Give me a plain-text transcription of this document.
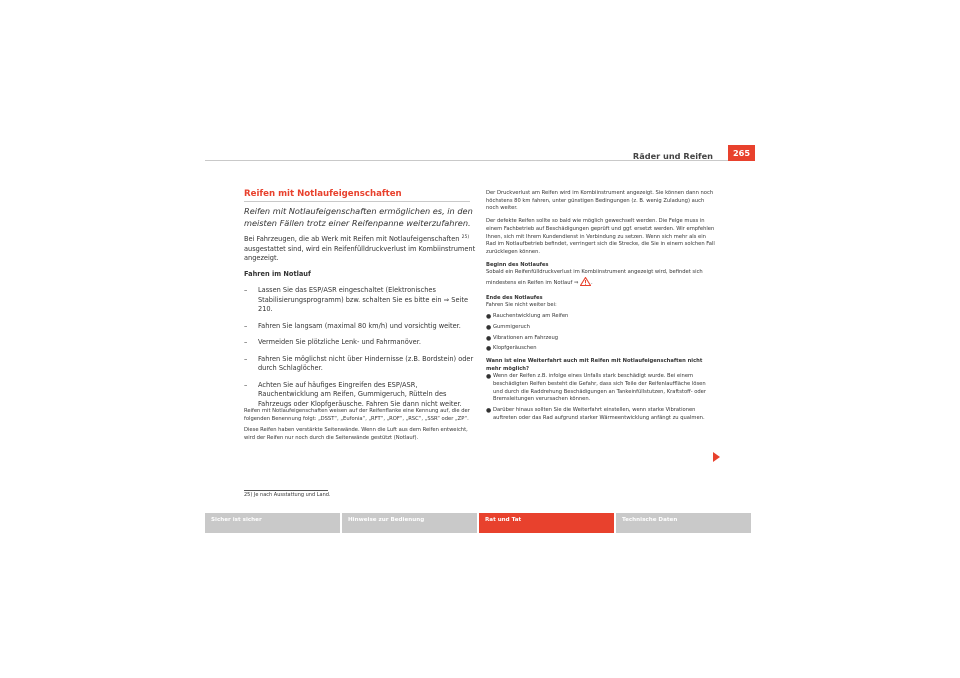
Räder und Reifen	265
Reifen mit Notlaufeigenschaften
Reifen mit Notlaufeigenschaften ermöglichen es, in den meisten Fällen trotz einer Reifenpanne weiterzufahren.
Bei Fahrzeugen, die ab Werk mit Reifen mit Notlaufeigenschaften $^{25)}$ ausgestattet sind, wird ein Reifenfülldruckverlust im Kombiinstrument angezeigt.
Fahren im Notlauf
– Lassen Sie das ESP/ASR eingeschaltet (Elektronisches Stabilisierungsprogramm) bzw. schalten Sie es bitte ein ⇒ Seite 210.
– Fahren Sie langsam (maximal 80 km/h) und vorsichtig weiter.
– Vermeiden Sie plötzliche Lenk- und Fahrmanöver.
– Fahren Sie möglichst nicht über Hindernisse (z.B. Bordstein) oder durch Schlaglöcher.
– Achten Sie auf häufiges Eingreifen des ESP/ASR, Rauchentwicklung am Reifen, Gummigeruch, Rütteln des Fahrzeugs oder Klopfgeräusche. Fahren Sie dann nicht weiter.

Reifen mit Notlaufeigenschaften weisen auf der Reifenflanke eine Kennung auf, die der folgenden Benennung folgt: „DSST“, „Eufonia“, „RFT“, „ROF“, „RSC“, „SSR“ oder „ZP“.

Diese Reifen haben verstärkte Seitenwände. Wenn die Luft aus dem Reifen entweicht, wird der Reifen nur noch durch die Seitenwände gestützt (Notlauf).

25) Je nach Ausstattung und Land.

Der Druckverlust am Reifen wird im Kombiinstrument angezeigt. Sie können dann noch höchstens 80 km fahren, unter günstigen Bedingungen (z. B. wenig Zuladung) auch noch weiter.

Der defekte Reifen sollte so bald wie möglich gewechselt werden. Die Felge muss in einem Fachbetrieb auf Beschädigungen geprüft und ggf. ersetzt werden. Wir empfehlen Ihnen, sich mit Ihrem Kundendienst in Verbindung zu setzen. Wenn sich mehr als ein Rad im Notlaufbetrieb befindet, verringert sich die Strecke, die Sie in einem solchen Fall zurücklegen können.

Beginn des Notlaufes

Sobald ein Reifenfülldruckverlust im Kombiinstrument angezeigt wird, befindet sich mindestens ein Reifen im Notlauf ⇒ .

Ende des Notlaufes

Fahren Sie nicht weiter bei:

● Rauchentwicklung am Reifen
● Gummigeruch
● Vibrationen am Fahrzeug
● Klopfgeräuschen

Wann ist eine Weiterfahrt auch mit Reifen mit Notlaufeigenschaften nicht mehr möglich?

● Wenn der Reifen z.B. infolge eines Unfalls stark beschädigt wurde. Bei einem beschädigten Reifen besteht die Gefahr, dass sich Teile der Reifenlauffläche lösen und durch die Raddrehung Beschädigungen an Tankeinfüllstutzen, Kraftstoff- oder Bremsleitungen verursachen können.
● Darüber hinaus sollten Sie die Weiterfahrt einstellen, wenn starke Vibrationen auftreten oder das Rad aufgrund starker Wärmeentwicklung anfängt zu qualmen.
Sicher ist sicher	Hinweise zur Bedienung	Rat und Tat	Technische Daten
